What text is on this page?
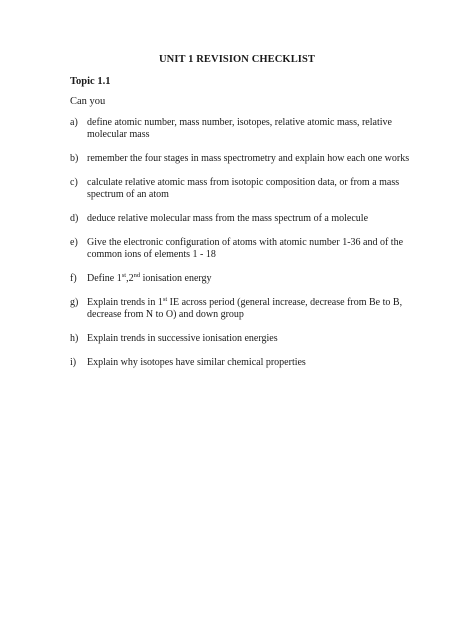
UNIT 1 REVISION CHECKLIST
Topic 1.1
Can you
a) define atomic number, mass number, isotopes, relative atomic mass, relative molecular mass
b) remember the four stages in mass spectrometry and explain how each one works
c) calculate relative atomic mass from isotopic composition data, or from a mass spectrum of an atom
d) deduce relative molecular mass from the mass spectrum of a molecule
e) Give the electronic configuration of atoms with atomic number 1-36 and of the common ions of elements 1 - 18
f) Define 1st,2nd ionisation energy
g) Explain trends in 1st IE across period (general increase, decrease from Be to B, decrease from N to O) and down group
h) Explain trends in successive ionisation energies
i) Explain why isotopes have similar chemical properties
